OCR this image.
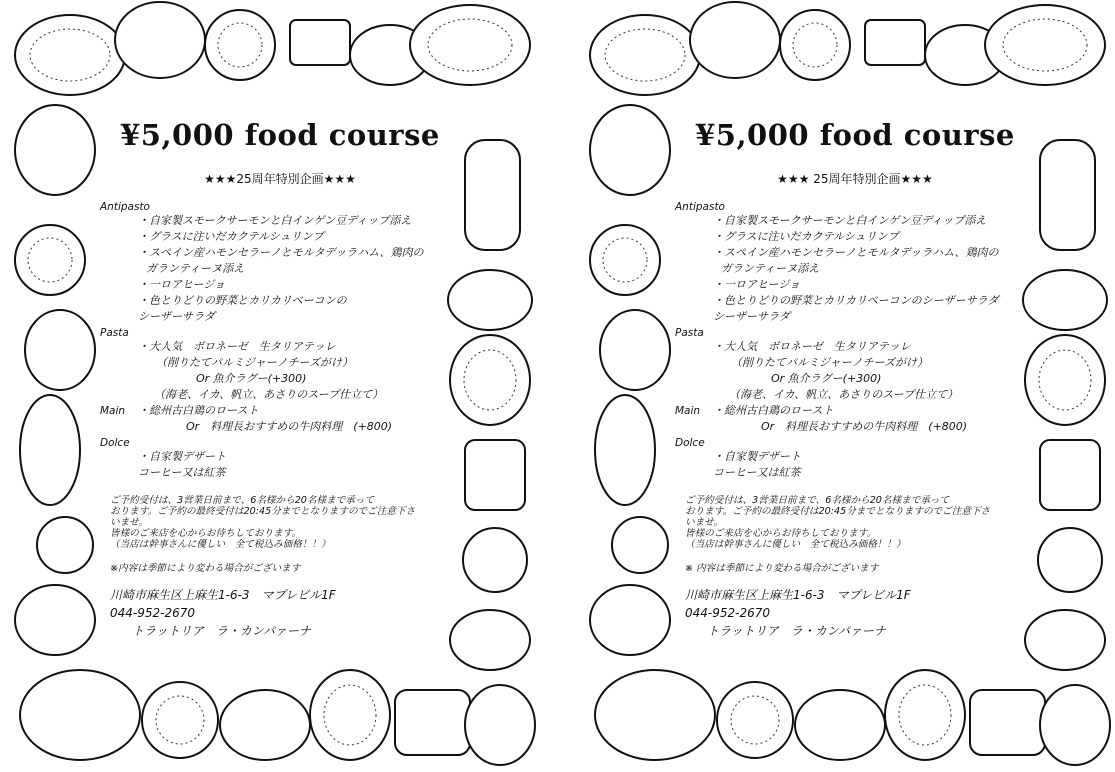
¥5,000 food course
★★★25周年特別企画★★★
Antipasto
・自家製スモークサーモンと白インゲン豆ディップ添え
・グラスに注いだカクテルシュリンプ
・スペイン産ハモンセラーノとモルタデッラハム、鶏肉の
ガランティーヌ添え
・一ロアヒージョ
・色とりどりの野菜とカリカリベーコンの
シーザーサラダ
Pasta
・大人気　ボロネーゼ　生タリアテッレ
（削りたてパルミジャーノチーズがけ）
Or 魚介ラグー(+300)
（海老、イカ、帆立、あさりのスープ仕立て）
Main	・総州古白鶏のロースト
Or　料理長おすすめの牛肉料理　(+800)
Dolce
・自家製デザート
コーヒー又は紅茶
ご予約受付は、3営業日前まで、6名様から20名様まで承って
おります。ご予約の最終受付は20:45分までとなりますのでご注意下さ
いませ。
皆様のご来店を心からお待ちしております。
（当店は幹事さんに優しい　全て税込み価格！！）
※内容は季節により変わる場合がございます
川崎市麻生区上麻生1-6-3　マプレビル1F
044-952-2670
トラットリア　ラ・カンパァーナ
¥5,000 food course
★★★ 25周年特別企画★★★
Antipasto
・自家製スモークサーモンと白インゲン豆ディップ添え
・グラスに注いだカクテルシュリンプ
・スペイン産ハモンセラーノとモルタデッラハム、鶏肉の
ガランティーヌ添え
・一ロアヒージョ
・色とりどりの野菜とカリカリベーコンのシーザーサラダ
シーザーサラダ
Pasta
・大人気　ボロネーゼ　生タリアテッレ
（削りたてパルミジャーノチーズがけ）
Or 魚介ラグー(+300)
（海老、イカ、帆立、あさりのスープ仕立て）
Main	・総州古白鶏のロースト
Or　料理長おすすめの牛肉料理　(+800)
Dolce
・自家製デザート
コーヒー又は紅茶
ご予約受付は、3営業日前まで、6名様から20名様まで承って
おります。ご予約の最終受付は20:45分までとなりますのでご注意下さ
いませ。
皆様のご来店を心からお待ちしております。
（当店は幹事さんに優しい　全て税込み価格！！）
※ 内容は季節により変わる場合がございます
川崎市麻生区上麻生1-6-3　マプレビル1F
044-952-2670
トラットリア　ラ・カンパァーナ
